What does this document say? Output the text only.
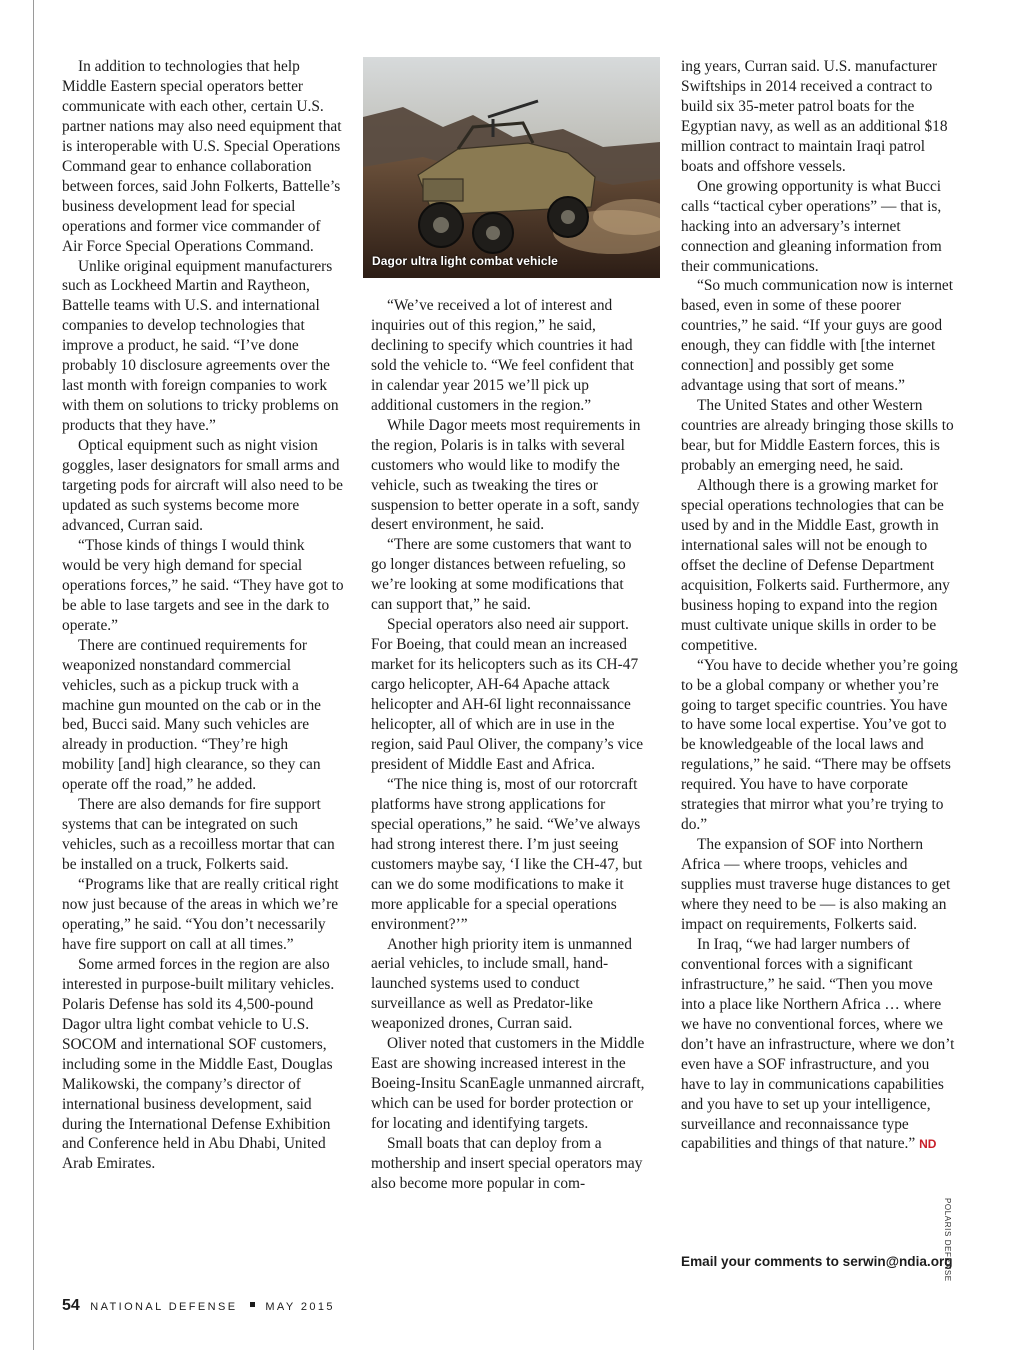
In addition to technologies that help Middle Eastern special operators better communicate with each other, certain U.S. partner nations may also need equipment that is interoperable with U.S. Special Operations Command gear to enhance collaboration between forces, said John Folkerts, Battelle’s business development lead for special operations and former vice commander of Air Force Special Operations Command.

Unlike original equipment manufacturers such as Lockheed Martin and Raytheon, Battelle teams with U.S. and international companies to develop technologies that improve a product, he said. “I’ve done probably 10 disclosure agreements over the last month with foreign companies to work with them on solutions to tricky problems on products that they have.”

Optical equipment such as night vision goggles, laser designators for small arms and targeting pods for aircraft will also need to be updated as such systems become more advanced, Curran said.

“Those kinds of things I would think would be very high demand for special operations forces,” he said. “They have got to be able to lase targets and see in the dark to operate.”

There are continued requirements for weaponized nonstandard commercial vehicles, such as a pickup truck with a machine gun mounted on the cab or in the bed, Bucci said. Many such vehicles are already in production. “They’re high mobility [and] high clearance, so they can operate off the road,” he added.

There are also demands for fire support systems that can be integrated on such vehicles, such as a recoilless mortar that can be installed on a truck, Folkerts said.

“Programs like that are really critical right now just because of the areas in which we’re operating,” he said. “You don’t necessarily have fire support on call at all times.”

Some armed forces in the region are also interested in purpose-built military vehicles. Polaris Defense has sold its 4,500-pound Dagor ultra light combat vehicle to U.S. SOCOM and international SOF customers, including some in the Middle East, Douglas Malikowski, the company’s director of international business development, said during the International Defense Exhibition and Conference held in Abu Dhabi, United Arab Emirates.

Dagor ultra light combat vehicle

“We’ve received a lot of interest and inquiries out of this region,” he said, declining to specify which countries it had sold the vehicle to. “We feel confident that in calendar year 2015 we’ll pick up additional customers in the region.”

While Dagor meets most requirements in the region, Polaris is in talks with several customers who would like to modify the vehicle, such as tweaking the tires or suspension to better operate in a soft, sandy desert environment, he said.

“There are some customers that want to go longer distances between refueling, so we’re looking at some modifications that can support that,” he said.

Special operators also need air support. For Boeing, that could mean an increased market for its helicopters such as its CH-47 cargo helicopter, AH-64 Apache attack helicopter and AH-6I light reconnaissance helicopter, all of which are in use in the region, said Paul Oliver, the company’s vice president of Middle East and Africa.

“The nice thing is, most of our rotorcraft platforms have strong applications for special operations,” he said. “We’ve always had strong interest there. I’m just seeing customers maybe say, ‘I like the CH-47, but can we do some modifications to make it more applicable for a special operations environment?’”

Another high priority item is unmanned aerial vehicles, to include small, hand-launched systems used to conduct surveillance as well as Predator-like weaponized drones, Curran said.

Oliver noted that customers in the Middle East are showing increased interest in the Boeing-Insitu ScanEagle unmanned aircraft, which can be used for border protection or for locating and identifying targets.

Small boats that can deploy from a mothership and insert special operators may also become more popular in com-

ing years, Curran said. U.S. manufacturer Swiftships in 2014 received a contract to build six 35-meter patrol boats for the Egyptian navy, as well as an additional $18 million contract to maintain Iraqi patrol boats and offshore vessels.

One growing opportunity is what Bucci calls “tactical cyber operations” — that is, hacking into an adversary’s internet connection and gleaning information from their communications.

“So much communication now is internet based, even in some of these poorer countries,” he said. “If your guys are good enough, they can fiddle with [the internet connection] and possibly get some advantage using that sort of means.”

The United States and other Western countries are already bringing those skills to bear, but for Middle Eastern forces, this is probably an emerging need, he said.

Although there is a growing market for special operations technologies that can be used by and in the Middle East, growth in international sales will not be enough to offset the decline of Defense Department acquisition, Folkerts said. Furthermore, any business hoping to expand into the region must cultivate unique skills in order to be competitive.

“You have to decide whether you’re going to be a global company or whether you’re going to target specific countries. You have to have some local expertise. You’ve got to be knowledgeable of the local laws and regulations,” he said. “There may be offsets required. You have to have corporate strategies that mirror what you’re trying to do.”

The expansion of SOF into Northern Africa — where troops, vehicles and supplies must traverse huge distances to get where they need to be — is also making an impact on requirements, Folkerts said.

In Iraq, “we had larger numbers of conventional forces with a significant infrastructure,” he said. “Then you move into a place like Northern Africa … where we have no conventional forces, where we don’t have an infrastructure, where we don’t even have a SOF infrastructure, and you have to lay in communications capabilities and you have to set up your intelligence, surveillance and reconnaissance type capabilities and things of that nature.” ND

Email your comments to serwin@ndia.org
54 NATIONAL DEFENSE	MAY 2015
POLARIS DEFENSE
